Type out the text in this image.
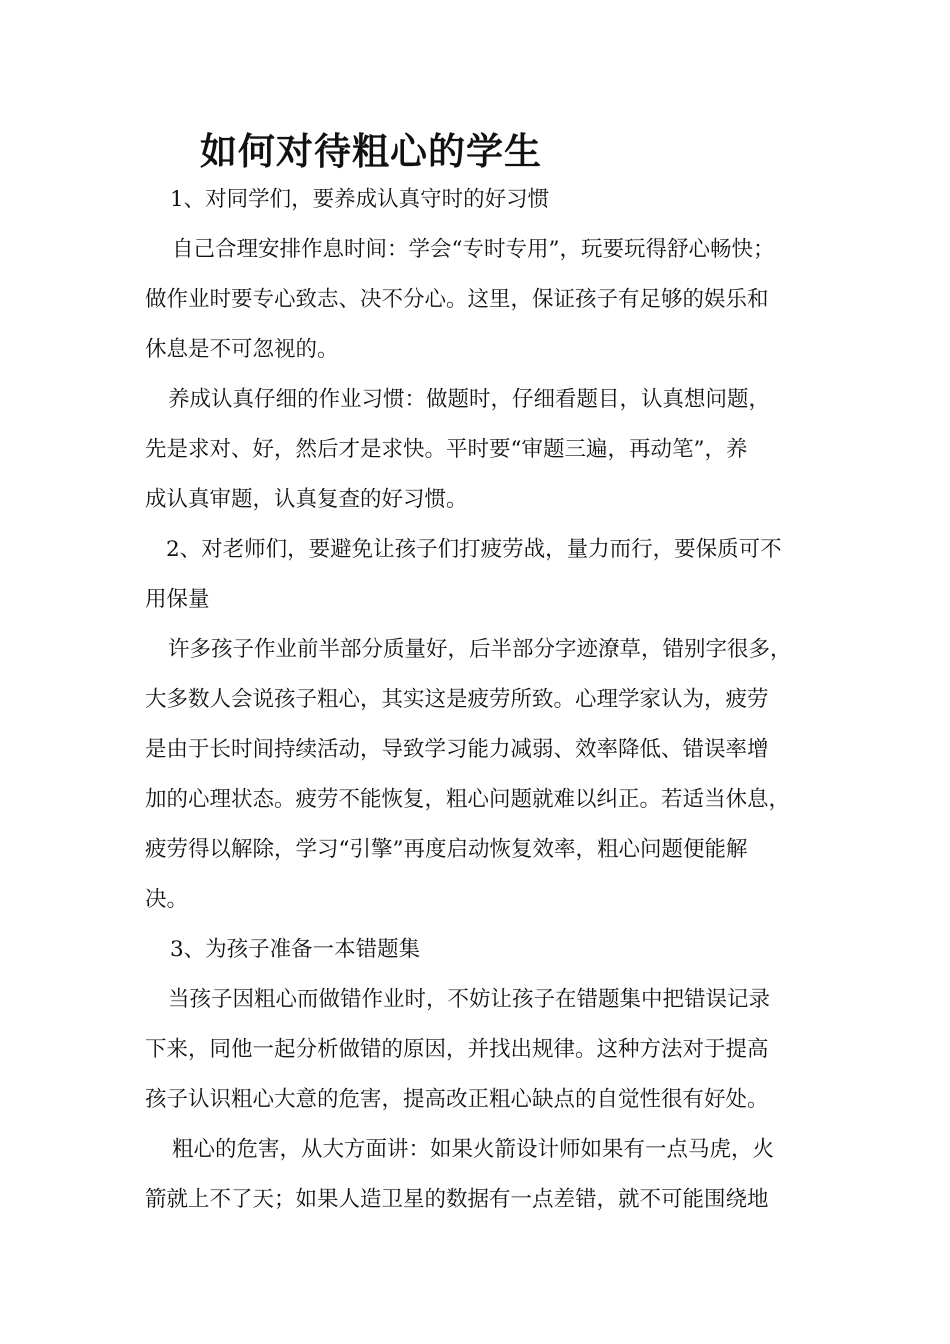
如何对待粗心的学生

1、对同学们，要养成认真守时的好习惯

自己合理安排作息时间：学会“专时专用”，玩要玩得舒心畅快；

做作业时要专心致志、决不分心。这里，保证孩子有足够的娱乐和

休息是不可忽视的。

养成认真仔细的作业习惯：做题时，仔细看题目，认真想问题，

先是求对、好，然后才是求快。平时要“审题三遍，再动笔”，养

成认真审题，认真复查的好习惯。

2、对老师们，要避免让孩子们打疲劳战，量力而行，要保质可不

用保量

许多孩子作业前半部分质量好，后半部分字迹潦草，错别字很多，

大多数人会说孩子粗心，其实这是疲劳所致。心理学家认为，疲劳

是由于长时间持续活动，导致学习能力减弱、效率降低、错误率增

加的心理状态。疲劳不能恢复，粗心问题就难以纠正。若适当休息，

疲劳得以解除，学习“引擎”再度启动恢复效率，粗心问题便能解

决。

3、为孩子准备一本错题集

当孩子因粗心而做错作业时，不妨让孩子在错题集中把错误记录

下来，同他一起分析做错的原因，并找出规律。这种方法对于提高

孩子认识粗心大意的危害，提高改正粗心缺点的自觉性很有好处。

粗心的危害，从大方面讲：如果火箭设计师如果有一点马虎，火

箭就上不了天；如果人造卫星的数据有一点差错，就不可能围绕地
